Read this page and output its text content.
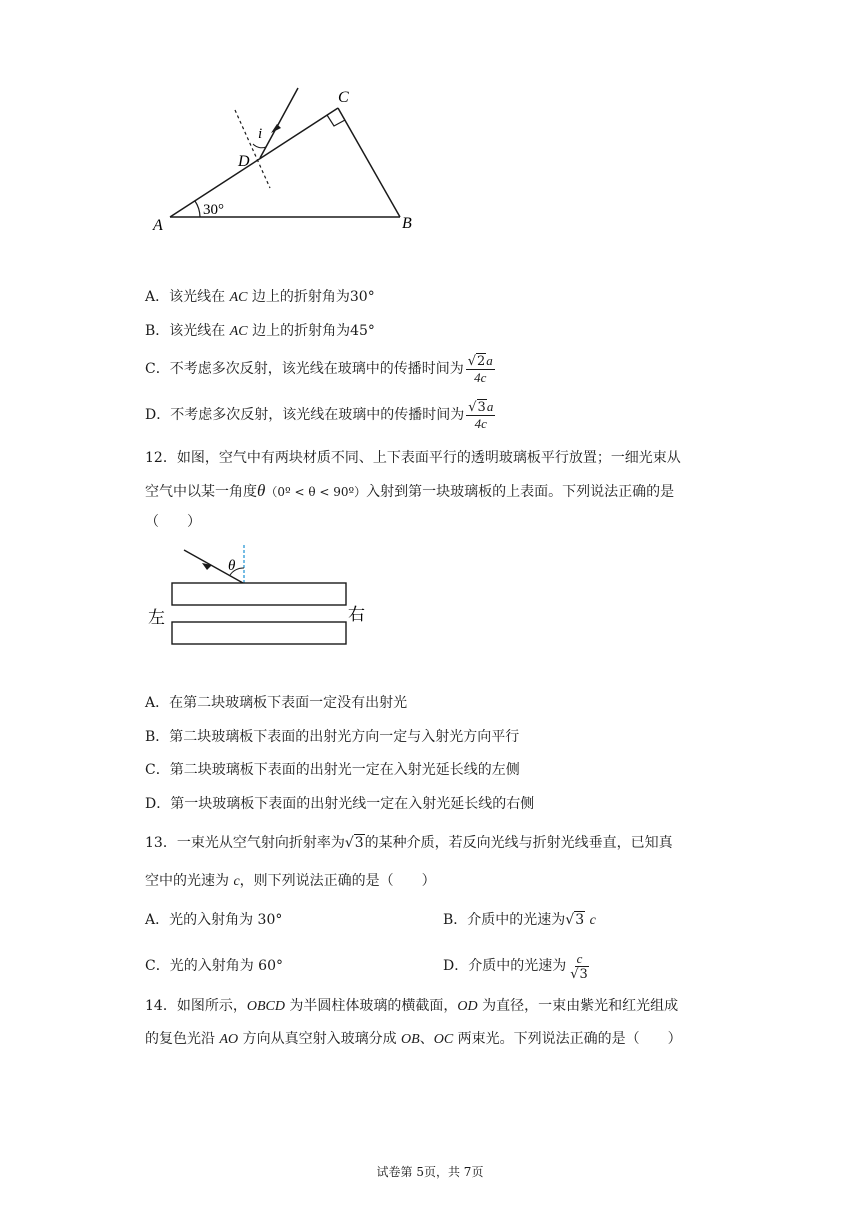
C
D
i
A	B
30°
A．该光线在 AC 边上的折射角为30°
B．该光线在 AC 边上的折射角为45°
C．不考虑多次反射，该光线在玻璃中的传播时间为 $\frac{√2a}{4c}$
D．不考虑多次反射，该光线在玻璃中的传播时间为 $\frac{√3a}{4c}$
12．如图，空气中有两块材质不同、上下表面平行的透明玻璃板平行放置；一细光束从
空气中以某一角度θ（0º < θ < 90º）入射到第一块玻璃板的上表面。下列说法正确的是
（　　）
θ
左	右
A．在第二块玻璃板下表面一定没有出射光
B．第二块玻璃板下表面的出射光方向一定与入射光方向平行
C．第二块玻璃板下表面的出射光一定在入射光延长线的左侧
D．第一块玻璃板下表面的出射光线一定在入射光延长线的右侧
13．一束光从空气射向折射率为√3的某种介质，若反向光线与折射光线垂直，已知真
空中的光速为 c，则下列说法正确的是（　　）
A．光的入射角为 30°	B．介质中的光速为√3 c
C．光的入射角为 60°	D．介质中的光速为 $\frac{c}{√3}$
14．如图所示，OBCD 为半圆柱体玻璃的横截面，OD 为直径，一束由紫光和红光组成
的复色光沿 AO 方向从真空射入玻璃分成 OB、OC 两束光。下列说法正确的是（　　）
试卷第 5页，共 7页
